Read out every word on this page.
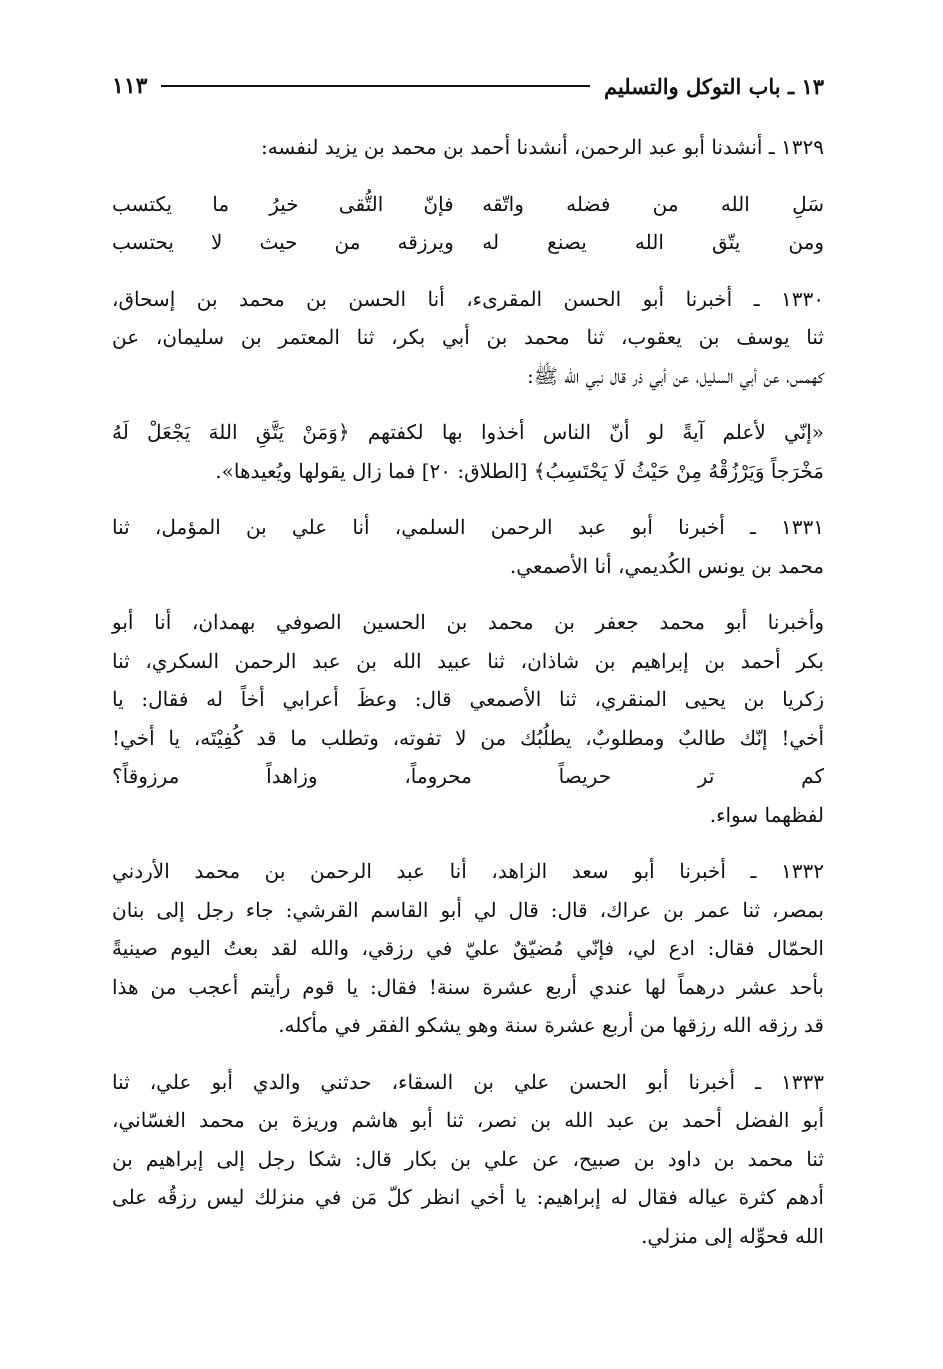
١٣ ـ باب التوكل والتسليم
١١٣

١٣٢٩ ـ أنشدنا أبو عبد الرحمن، أنشدنا أحمد بن محمد بن يزيد لنفسه:

سَلِ الله من فضله واتّقه
فإنّ التُّقى خيرُ ما يكتسب
ومن يتّق الله يصنع له
ويرزقه من حيث لا يحتسب

١٣٣٠ ـ أخبرنا أبو الحسن المقرىء، أنا الحسن بن محمد بن إسحاق،
ثنا يوسف بن يعقوب، ثنا محمد بن أبي بكر، ثنا المعتمر بن سليمان، عن
كهمس، عن أبي السليل، عن أبي ذر قال نبي الله ﷺ:

«إنّي لأعلم آيةً لو أنّ الناس أخذوا بها لكفتهم ﴿وَمَنْ يَتَّقِ اللهَ يَجْعَلْ لَهُ
مَخْرَجاً وَيَرْزُقْهُ مِنْ حَيْثُ لَا يَحْتَسِبُ﴾ [الطلاق: ٢٠] فما زال يقولها ويُعيدها».

١٣٣١ ـ أخبرنا أبو عبد الرحمن السلمي، أنا علي بن المؤمل، ثنا
محمد بن يونس الكُديمي، أنا الأصمعي.

وأخبرنا أبو محمد جعفر بن محمد بن الحسين الصوفي بهمدان، أنا أبو
بكر أحمد بن إبراهيم بن شاذان، ثنا عبيد الله بن عبد الرحمن السكري، ثنا
زكريا بن يحيى المنقري، ثنا الأصمعي قال: وعظَ أعرابي أخاً له فقال: يا
أخي! إنّك طالبٌ ومطلوبٌ، يطلُبُك من لا تفوته، وتطلب ما قد كُفِيْتَه، يا أخي!
كم تر حريصاً محروماً، وزاهداً مرزوقاً؟
لفظهما سواء.

١٣٣٢ ـ أخبرنا أبو سعد الزاهد، أنا عبد الرحمن بن محمد الأردني
بمصر، ثنا عمر بن عراك، قال: قال لي أبو القاسم القرشي: جاء رجل إلى بنان
الحمّال فقال: ادع لي، فإنّي مُضيّقٌ عليّ في رزقي، والله لقد بعتُ اليوم صينيةً
بأحد عشر درهماً لها عندي أربع عشرة سنة! فقال: يا قوم رأيتم أعجب من هذا
قد رزقه الله رزقها من أربع عشرة سنة وهو يشكو الفقر في مأكله.

١٣٣٣ ـ أخبرنا أبو الحسن علي بن السقاء، حدثني والدي أبو علي، ثنا
أبو الفضل أحمد بن عبد الله بن نصر، ثنا أبو هاشم وريزة بن محمد الغسّاني،
ثنا محمد بن داود بن صبيح، عن علي بن بكار قال: شكا رجل إلى إبراهيم بن
أدهم كثرة عياله فقال له إبراهيم: يا أخي انظر كلّ مَن في منزلك ليس رزقُه على
الله فحوِّله إلى منزلي.
